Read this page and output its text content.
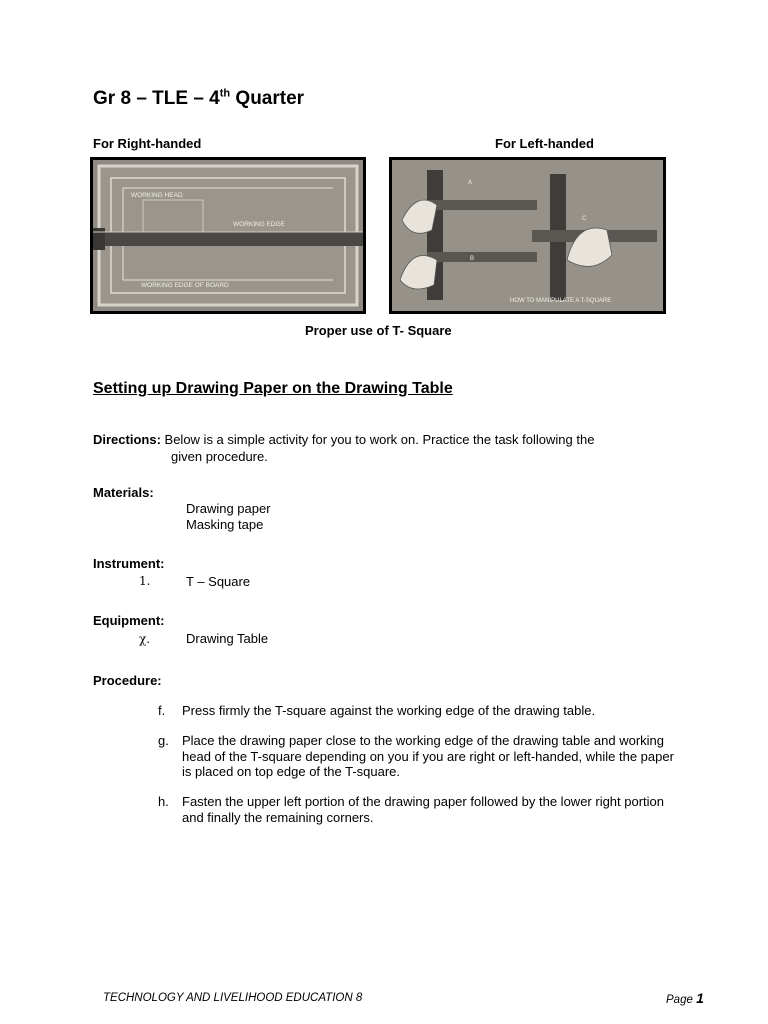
Gr 8 – TLE – 4th Quarter
For Right-handed	For Left-handed
WORKING HEAD
WORKING EDGE
WORKING EDGE OF BOARD
A
B
C
HOW TO MANIPULATE A T-SQUARE
Proper use of T- Square
Setting up Drawing Paper on the Drawing Table
Directions: Below is a simple activity for you to work on. Practice the task following the
given procedure.
Materials:
Drawing paper
Masking tape
Instrument:
1.	T – Square
Equipment:
χ.	Drawing Table
Procedure:
f. Press firmly the T-square against the working edge of the drawing table.
g. Place the drawing paper close to the working edge of the drawing table and working head of the T-square depending on you if you are right or left-handed, while the paper is placed on top edge of the T-square.
h. Fasten the upper left portion of the drawing paper followed by the lower right portion and finally the remaining corners.
TECHNOLOGY AND LIVELIHOOD EDUCATION 8	Page 1
